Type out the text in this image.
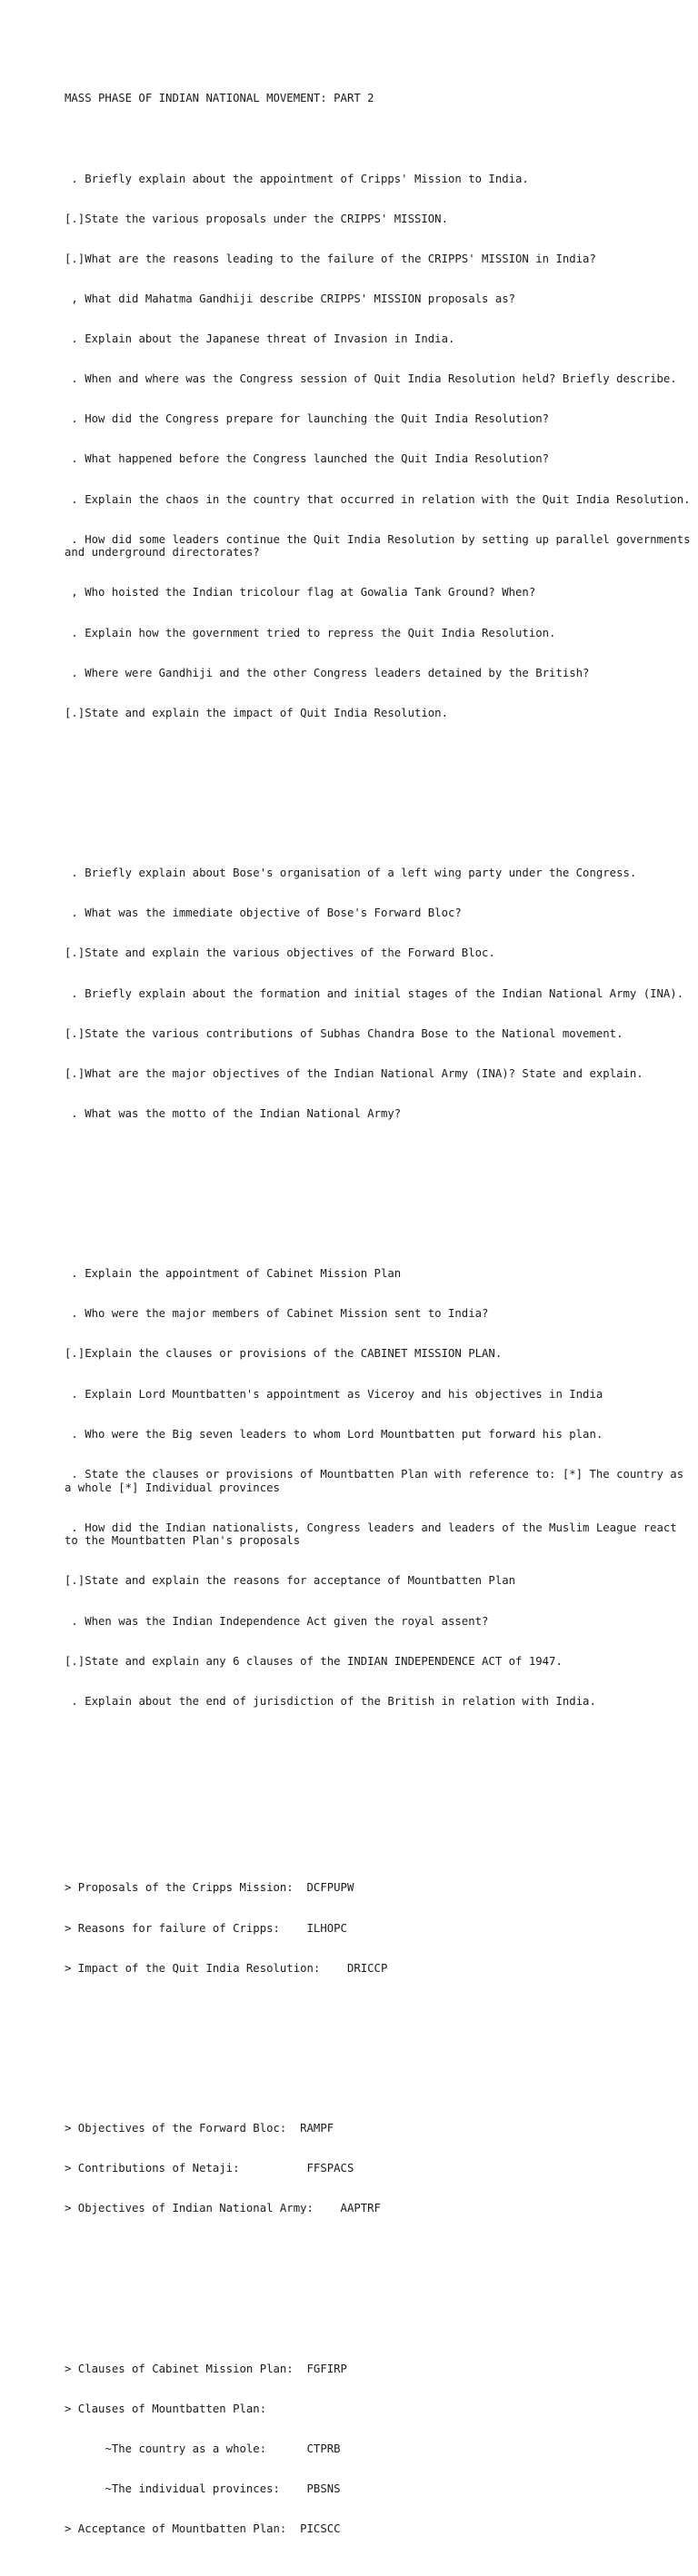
MASS PHASE OF INDIAN NATIONAL MOVEMENT: PART 2

. Briefly explain about the appointment of Cripps' Mission to India.

[.]State the various proposals under the CRIPPS' MISSION.

[.]What are the reasons leading to the failure of the CRIPPS' MISSION in India?

, What did Mahatma Gandhiji describe CRIPPS' MISSION proposals as?

. Explain about the Japanese threat of Invasion in India.

. When and where was the Congress session of Quit India Resolution held? Briefly describe.

. How did the Congress prepare for launching the Quit India Resolution?

. What happened before the Congress launched the Quit India Resolution?

. Explain the chaos in the country that occurred in relation with the Quit India Resolution.

. How did some leaders continue the Quit India Resolution by setting up parallel governments and underground directorates?

, Who hoisted the Indian tricolour flag at Gowalia Tank Ground? When?

. Explain how the government tried to repress the Quit India Resolution.

. Where were Gandhiji and the other Congress leaders detained by the British?

[.]State and explain the impact of Quit India Resolution.

. Briefly explain about Bose's organisation of a left wing party under the Congress.

. What was the immediate objective of Bose's Forward Bloc?

[.]State and explain the various objectives of the Forward Bloc.

. Briefly explain about the formation and initial stages of the Indian National Army (INA).

[.]State the various contributions of Subhas Chandra Bose to the National movement.

[.]What are the major objectives of the Indian National Army (INA)? State and explain.

. What was the motto of the Indian National Army?

. Explain the appointment of Cabinet Mission Plan

. Who were the major members of Cabinet Mission sent to India?

[.]Explain the clauses or provisions of the CABINET MISSION PLAN.

. Explain Lord Mountbatten's appointment as Viceroy and his objectives in India

. Who were the Big seven leaders to whom Lord Mountbatten put forward his plan.

. State the clauses or provisions of Mountbatten Plan with reference to: [*] The country as a whole [*] Individual provinces

. How did the Indian nationalists, Congress leaders and leaders of the Muslim League react to the Mountbatten Plan's proposals

[.]State and explain the reasons for acceptance of Mountbatten Plan

. When was the Indian Independence Act given the royal assent?

[.]State and explain any 6 clauses of the INDIAN INDEPENDENCE ACT of 1947.

. Explain about the end of jurisdiction of the British in relation with India.

> Proposals of the Cripps Mission:  DCFPUPW

> Reasons for failure of Cripps:    ILHOPC

> Impact of the Quit India Resolution:    DRICCP

> Objectives of the Forward Bloc:  RAMPF

> Contributions of Netaji:          FFSPACS

> Objectives of Indian National Army:    AAPTRF

> Clauses of Cabinet Mission Plan:  FGFIRP

> Clauses of Mountbatten Plan:

~The country as a whole:      CTPRB

~The individual provinces:    PBSNS

> Acceptance of Mountbatten Plan:  PICSCC
